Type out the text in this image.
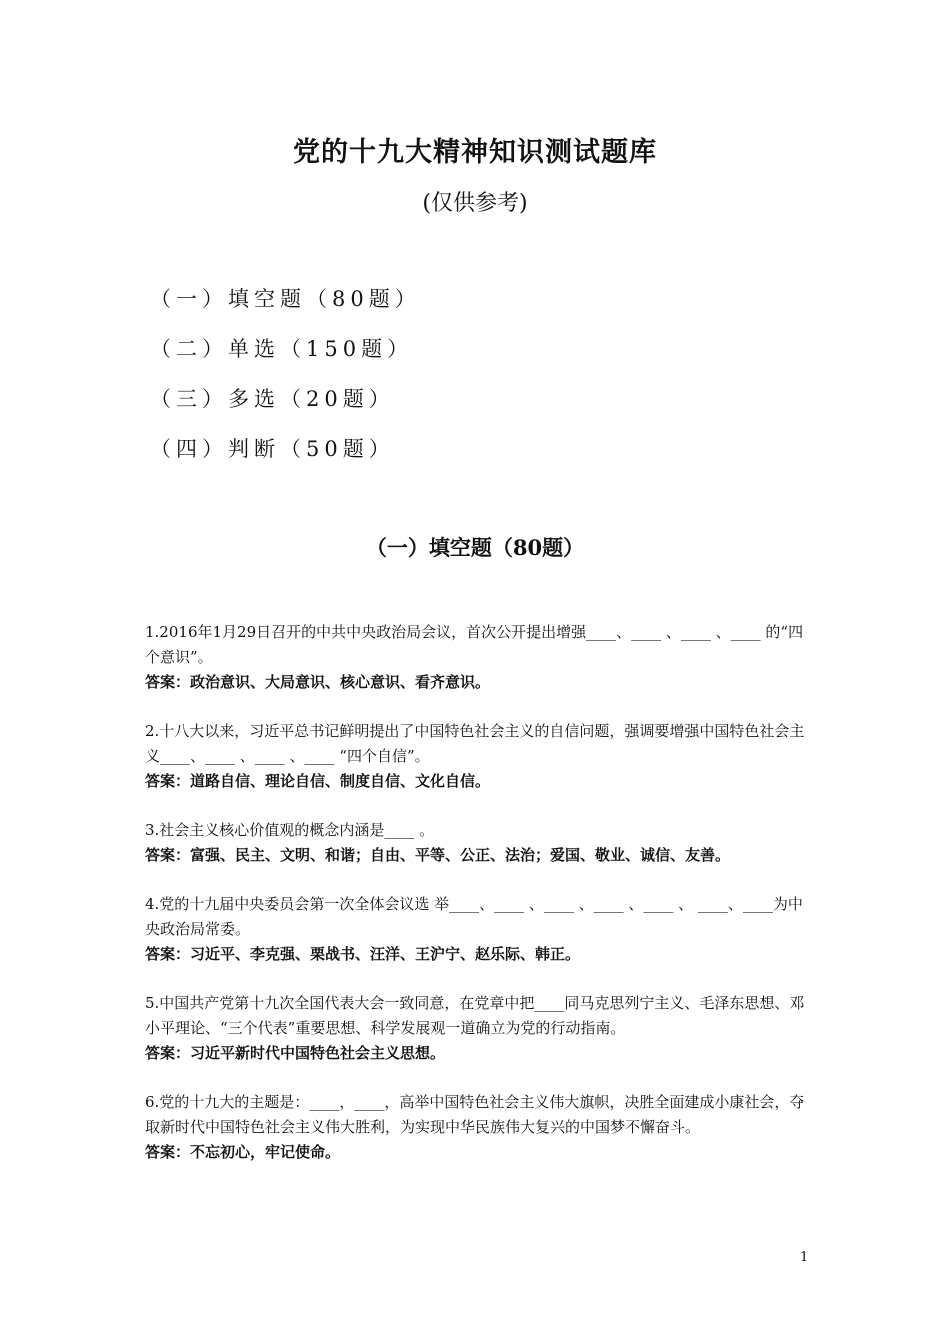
党的十九大精神知识测试题库
(仅供参考)
（一）填空题（80题）
（二）单选（150题）
（三）多选（20题）
（四）判断（50题）
（一）填空题（80题）
1.2016年1月29日召开的中共中央政治局会议，首次公开提出增强____、____ 、____ 、____ 的“四个意识”。
答案：政治意识、大局意识、核心意识、看齐意识。
2.十八大以来，习近平总书记鲜明提出了中国特色社会主义的自信问题，强调要增强中国特色社会主义____、____ 、____ 、____ “四个自信”。
答案：道路自信、理论自信、制度自信、文化自信。
3.社会主义核心价值观的概念内涵是____ 。
答案：富强、民主、文明、和谐；自由、平等、公正、法治；爱国、敬业、诚信、友善。
4.党的十九届中央委员会第一次全体会议选 举____、____ 、____ 、____ 、____ 、 ____、____为中央政治局常委。
答案：习近平、李克强、栗战书、汪洋、王沪宁、赵乐际、韩正。
5.中国共产党第十九次全国代表大会一致同意，在党章中把____同马克思列宁主义、毛泽东思想、邓小平理论、“三个代表”重要思想、科学发展观一道确立为党的行动指南。
答案：习近平新时代中国特色社会主义思想。
6.党的十九大的主题是：____，____，高举中国特色社会主义伟大旗帜，决胜全面建成小康社会，夺取新时代中国特色社会主义伟大胜利，为实现中华民族伟大复兴的中国梦不懈奋斗。
答案：不忘初心，牢记使命。
1
